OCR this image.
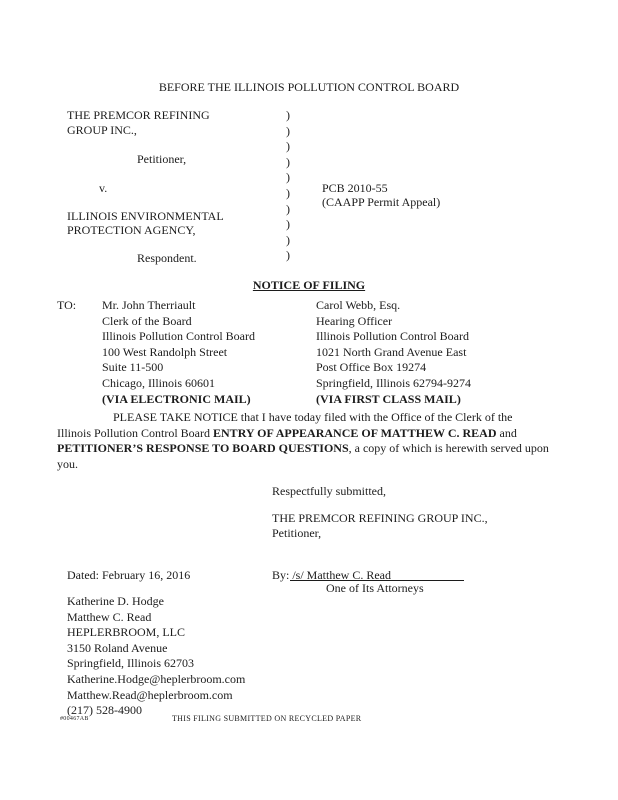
BEFORE THE ILLINOIS POLLUTION CONTROL BOARD
THE PREMCOR REFINING
GROUP INC.,
Petitioner,
v.
ILLINOIS ENVIRONMENTAL
PROTECTION AGENCY,
Respondent.
)
)
)
)
)
)
)
)
)
)
PCB 2010-55
(CAAPP Permit Appeal)
NOTICE OF FILING
TO: Mr. John Therriault
Clerk of the Board
Illinois Pollution Control Board
100 West Randolph Street
Suite 11-500
Chicago, Illinois 60601
(VIA ELECTRONIC MAIL)
Carol Webb, Esq.
Hearing Officer
Illinois Pollution Control Board
1021 North Grand Avenue East
Post Office Box 19274
Springfield, Illinois 62794-9274
(VIA FIRST CLASS MAIL)
PLEASE TAKE NOTICE that I have today filed with the Office of the Clerk of the Illinois Pollution Control Board ENTRY OF APPEARANCE OF MATTHEW C. READ and PETITIONER’S RESPONSE TO BOARD QUESTIONS, a copy of which is herewith served upon you.
Respectfully submitted,
THE PREMCOR REFINING GROUP INC.,
Petitioner,
Dated: February 16, 2016	By: /s/ Matthew C. Read
One of Its Attorneys
Katherine D. Hodge
Matthew C. Read
HEPLERBROOM, LLC
3150 Roland Avenue
Springfield, Illinois 62703
Katherine.Hodge@heplerbroom.com
Matthew.Read@heplerbroom.com
(217) 528-4900
#00467AB	THIS FILING SUBMITTED ON RECYCLED PAPER
